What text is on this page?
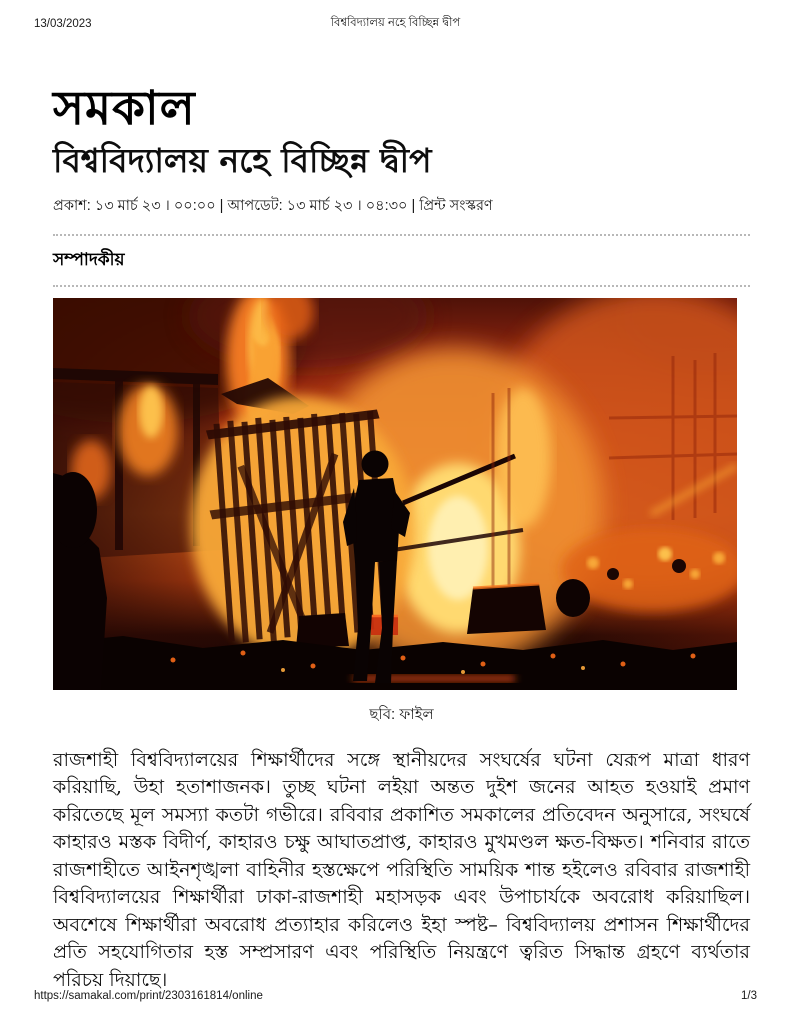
13/03/2023	বিশ্ববিদ্যালয় নহে বিচ্ছিন্ন দ্বীপ
সমকাল
বিশ্ববিদ্যালয় নহে বিচ্ছিন্ন দ্বীপ
প্রকাশ: ১৩ মার্চ ২৩ । ০০:০০ | আপডেট: ১৩ মার্চ ২৩ । ০৪:৩০ | প্রিন্ট সংস্করণ
সম্পাদকীয়
ছবি: ফাইল

রাজশাহী বিশ্ববিদ্যালয়ের শিক্ষার্থীদের সঙ্গে স্থানীয়দের সংঘর্ষের ঘটনা যেরূপ মাত্রা ধারণ করিয়াছি, উহা হতাশাজনক। তুচ্ছ ঘটনা লইয়া অন্তত দুইশ জনের আহত হওয়াই প্রমাণ করিতেছে মূল সমস্যা কতটা গভীরে। রবিবার প্রকাশিত সমকালের প্রতিবেদন অনুসারে, সংঘর্ষে কাহারও মস্তক বিদীর্ণ, কাহারও চক্ষু আঘাতপ্রাপ্ত, কাহারও মুখমণ্ডল ক্ষত-বিক্ষত। শনিবার রাতে রাজশাহীতে আইনশৃঙ্খলা বাহিনীর হস্তক্ষেপে পরিস্থিতি সাময়িক শান্ত হইলেও রবিবার রাজশাহী বিশ্ববিদ্যালয়ের শিক্ষার্থীরা ঢাকা-রাজশাহী মহাসড়ক এবং উপাচার্যকে অবরোধ করিয়াছিল। অবশেষে শিক্ষার্থীরা অবরোধ প্রত্যাহার করিলেও ইহা স্পষ্ট– বিশ্ববিদ্যালয় প্রশাসন শিক্ষার্থীদের প্রতি সহযোগিতার হস্ত সম্প্রসারণ এবং পরিস্থিতি নিয়ন্ত্রণে ত্বরিত সিদ্ধান্ত গ্রহণে ব্যর্থতার পরিচয় দিয়াছে।

https://samakal.com/print/2303161814/online	1/3
